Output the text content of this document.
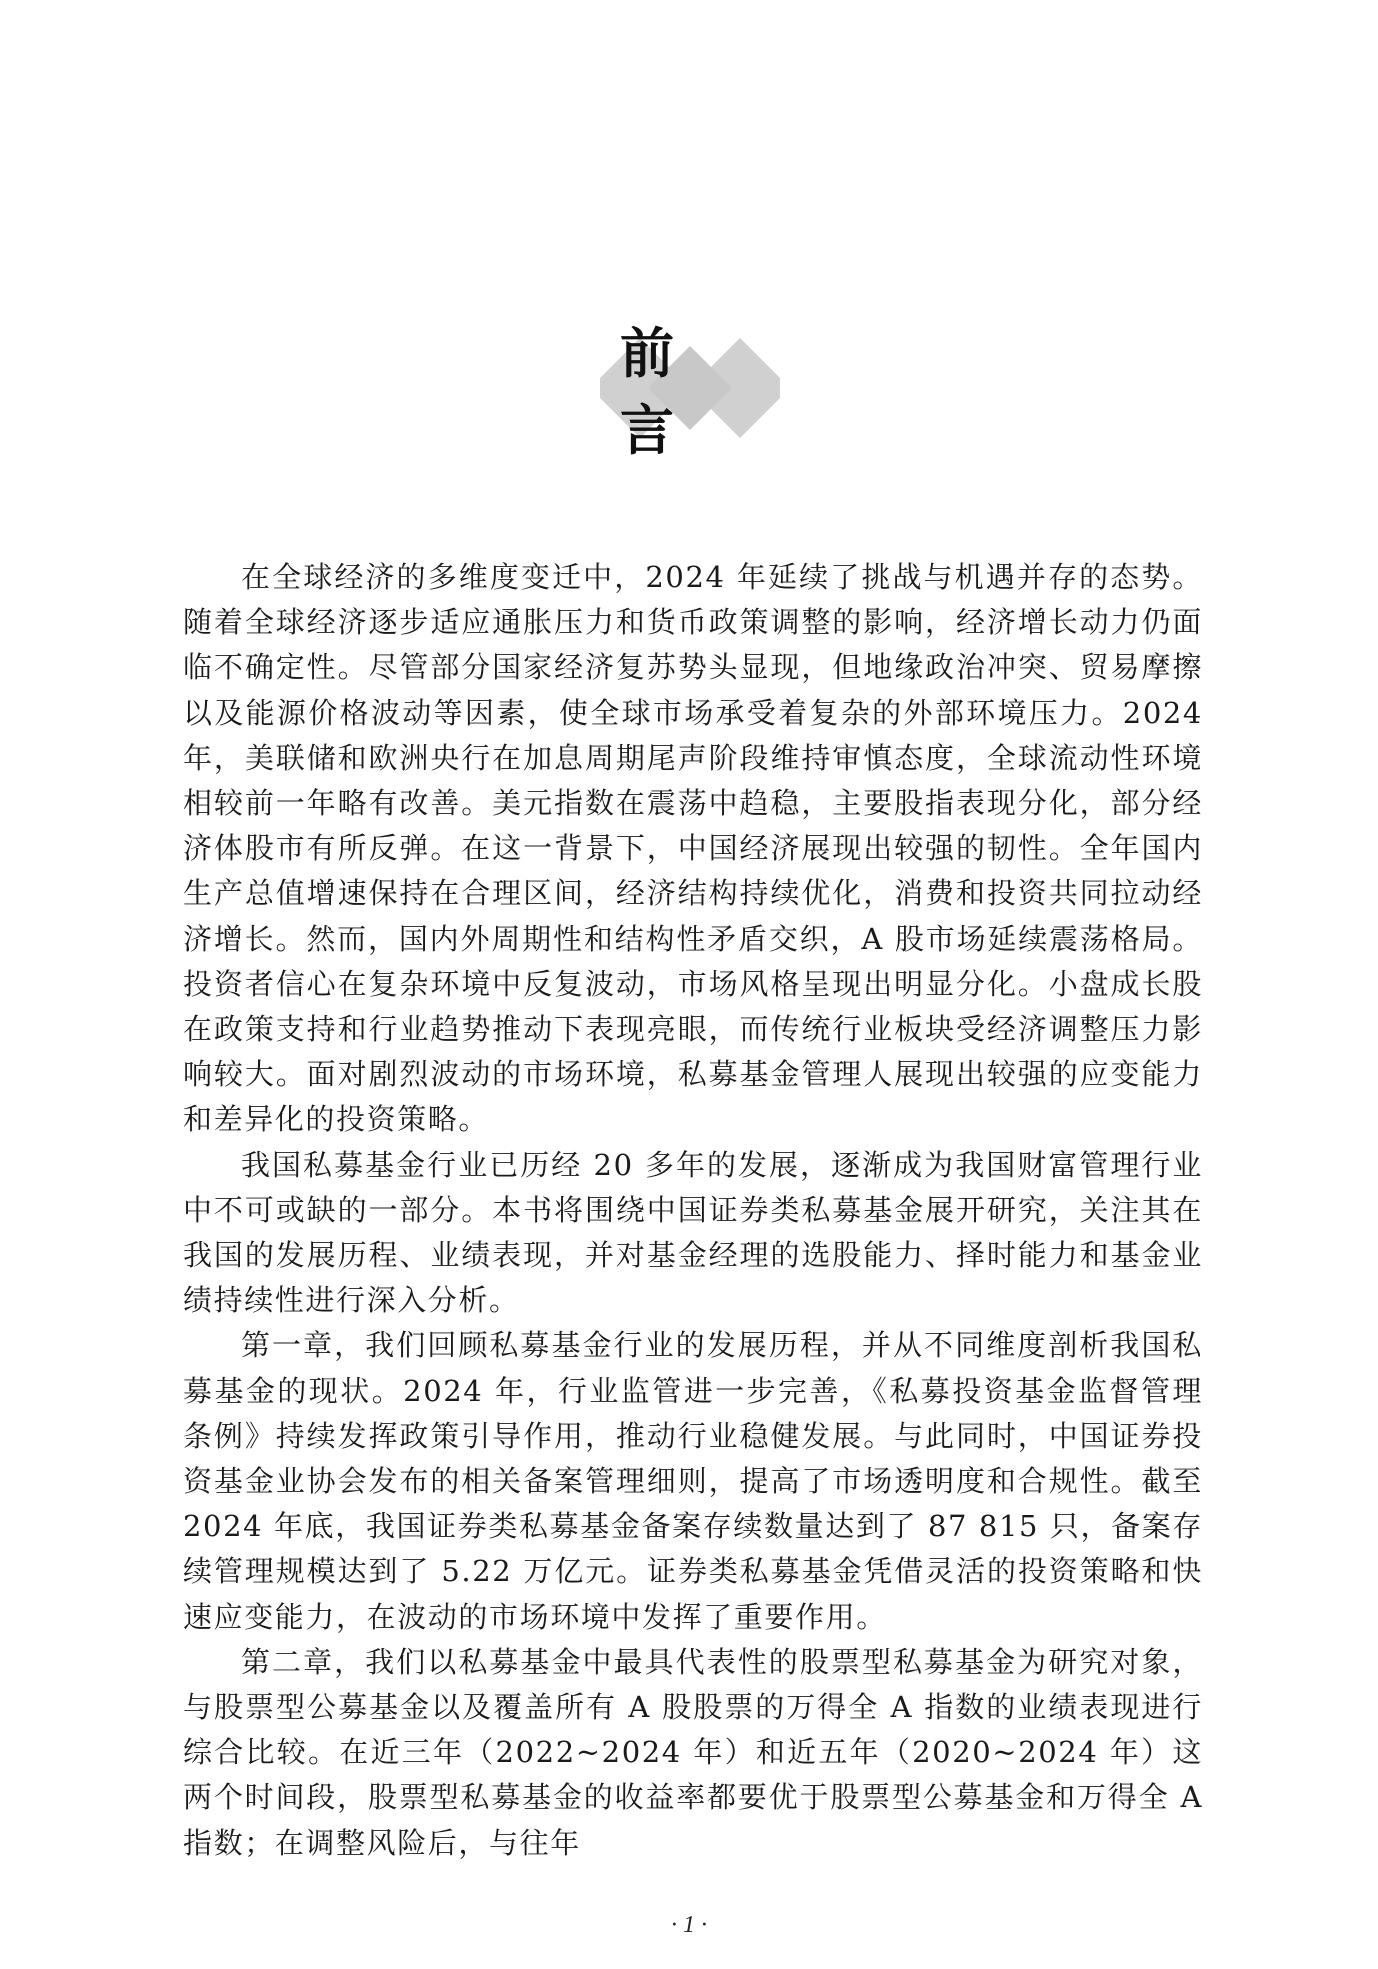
前 言

在全球经济的多维度变迁中，2024 年延续了挑战与机遇并存的态势。随着全球经济逐步适应通胀压力和货币政策调整的影响，经济增长动力仍面临不确定性。尽管部分国家经济复苏势头显现，但地缘政治冲突、贸易摩擦以及能源价格波动等因素，使全球市场承受着复杂的外部环境压力。2024 年，美联储和欧洲央行在加息周期尾声阶段维持审慎态度，全球流动性环境相较前一年略有改善。美元指数在震荡中趋稳，主要股指表现分化，部分经济体股市有所反弹。在这一背景下，中国经济展现出较强的韧性。全年国内生产总值增速保持在合理区间，经济结构持续优化，消费和投资共同拉动经济增长。然而，国内外周期性和结构性矛盾交织，A 股市场延续震荡格局。投资者信心在复杂环境中反复波动，市场风格呈现出明显分化。小盘成长股在政策支持和行业趋势推动下表现亮眼，而传统行业板块受经济调整压力影响较大。面对剧烈波动的市场环境，私募基金管理人展现出较强的应变能力和差异化的投资策略。

我国私募基金行业已历经 20 多年的发展，逐渐成为我国财富管理行业中不可或缺的一部分。本书将围绕中国证券类私募基金展开研究，关注其在我国的发展历程、业绩表现，并对基金经理的选股能力、择时能力和基金业绩持续性进行深入分析。

第一章，我们回顾私募基金行业的发展历程，并从不同维度剖析我国私募基金的现状。2024 年，行业监管进一步完善，《私募投资基金监督管理条例》持续发挥政策引导作用，推动行业稳健发展。与此同时，中国证券投资基金业协会发布的相关备案管理细则，提高了市场透明度和合规性。截至 2024 年底，我国证券类私募基金备案存续数量达到了 87 815 只，备案存续管理规模达到了 5.22 万亿元。证券类私募基金凭借灵活的投资策略和快速应变能力，在波动的市场环境中发挥了重要作用。

第二章，我们以私募基金中最具代表性的股票型私募基金为研究对象，与股票型公募基金以及覆盖所有 A 股股票的万得全 A 指数的业绩表现进行综合比较。在近三年（2022~2024 年）和近五年（2020~2024 年）这两个时间段，股票型私募基金的收益率都要优于股票型公募基金和万得全 A 指数；在调整风险后，与往年

· 1 ·
